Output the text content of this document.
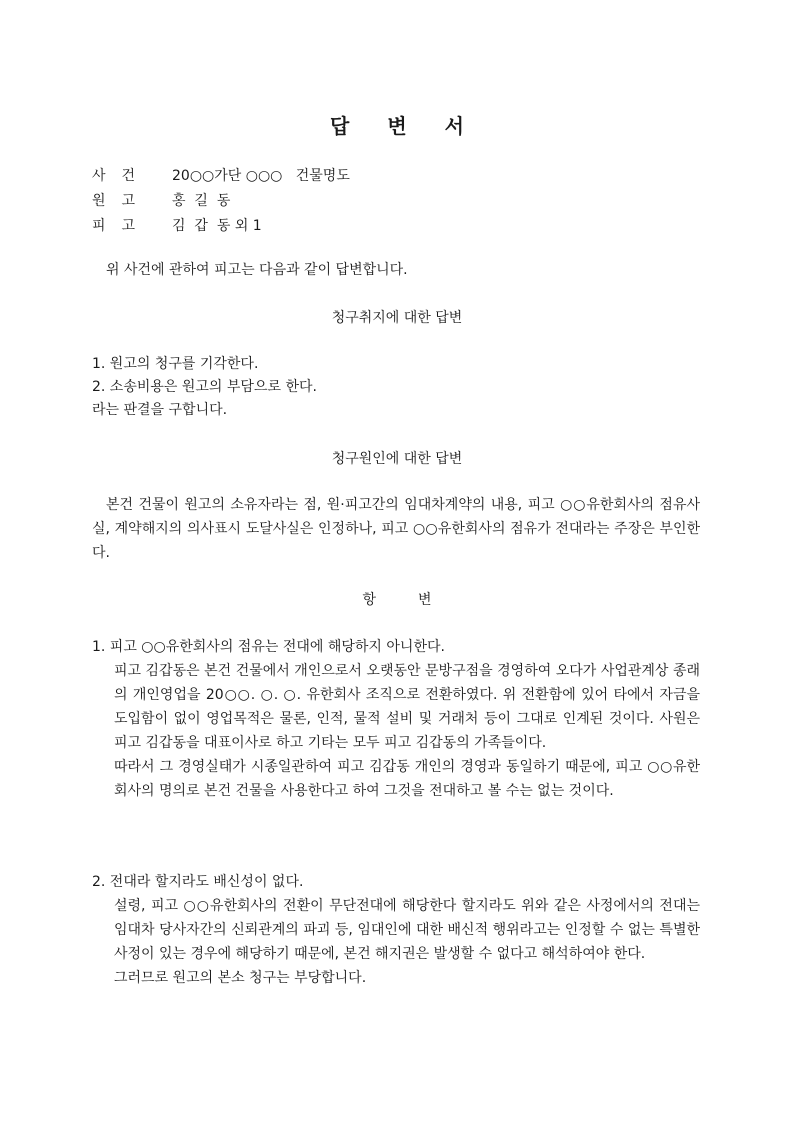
답변서
사건	20○○가단 ○○○   건물명도
원고	홍  길  동
피고	김  갑  동 외 1
위 사건에 관하여 피고는 다음과 같이 답변합니다.
청구취지에 대한 답변
1. 원고의 청구를 기각한다.
2. 소송비용은 원고의 부담으로 한다.
라는 판결을 구합니다.
청구원인에 대한 답변
본건 건물이 원고의 소유자라는 점, 원·피고간의 임대차계약의 내용, 피고 ○○유한회사의 점유사실, 계약해지의 의사표시 도달사실은 인정하나, 피고 ○○유한회사의 점유가 전대라는 주장은 부인한다.
항변

1. 피고 ○○유한회사의 점유는 전대에 해당하지 아니한다.

피고 김갑동은 본건 건물에서 개인으로서 오랫동안 문방구점을 경영하여 오다가 사업관계상 종래의 개인영업을 20○○. ○. ○. 유한회사 조직으로 전환하였다. 위 전환함에 있어 타에서 자금을 도입함이 없이 영업목적은 물론, 인적, 물적 설비 및 거래처 등이 그대로 인계된 것이다. 사원은 피고 김갑동을 대표이사로 하고 기타는 모두 피고 김갑동의 가족들이다.

따라서 그 경영실태가 시종일관하여 피고 김갑동 개인의 경영과 동일하기 때문에, 피고 ○○유한회사의 명의로 본건 건물을 사용한다고 하여 그것을 전대하고 볼 수는 없는 것이다.

2. 전대라 할지라도 배신성이 없다.

설령, 피고 ○○유한회사의 전환이 무단전대에 해당한다 할지라도 위와 같은 사정에서의 전대는 임대차 당사자간의 신뢰관계의 파괴 등, 임대인에 대한 배신적 행위라고는 인정할 수 없는 특별한 사정이 있는 경우에 해당하기 때문에, 본건 해지권은 발생할 수 없다고 해석하여야 한다.

그러므로 원고의 본소 청구는 부당합니다.
